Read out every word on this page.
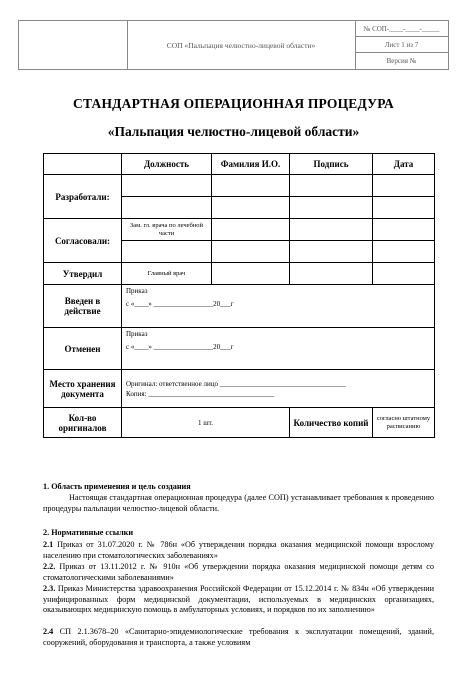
СОП «Пальпация челюстно-лицевой области»
№ СОП-____-____-_____
Лист 1 из 7
Версия №
СТАНДАРТНАЯ ОПЕРАЦИОННАЯ ПРОЦЕДУРА
«Пальпация челюстно-лицевой области»
	Должность	Фамилия И.О.	Подпись	Дата
Разработали:				

Согласовали:	Зам. гл. врача по лечебной части			

Утвердил	Главный врач			
Введен в действие	Приказ
с «____» _________________20___г			

Отменен	Приказ
с «____» _________________20___г			

Место хранения документа	Оригинал: ответственное лицо ____________________________________
Копия: ____________________________________			

Кол-во оригиналов	1 шт.		Количество копий	согласно штатному расписанию
1. Область применения и цель создания
Настоящая стандартная операционная процедура (далее СОП) устанавливает требования к проведению процедуры пальпации челюстно-лицевой области.
2. Нормативные ссылки
2.1 Приказ от 31.07.2020 г. № 786н «Об утверждении порядка оказания медицинской помощи взрослому населению при стоматологических заболеваниях»
2.2. Приказ от 13.11.2012 г. № 910н «Об утверждении порядка оказания медицинской помощи детям со стоматологическими заболеваниями»
2.3. Приказ Министерства здравоохранения Российской Федерации от 15.12.2014 г. № 834н «Об утверждении унифицированных форм медицинской документации, используемых в медицинских организациях, оказывающих медицинскую помощь в амбулаторных условиях, и порядков по их заполнению»
2.4 СП 2.1.3678–20 «Санитарно-эпидемиологические требования к эксплуатации помещений, зданий, сооружений, оборудования и транспорта, а также условиям
